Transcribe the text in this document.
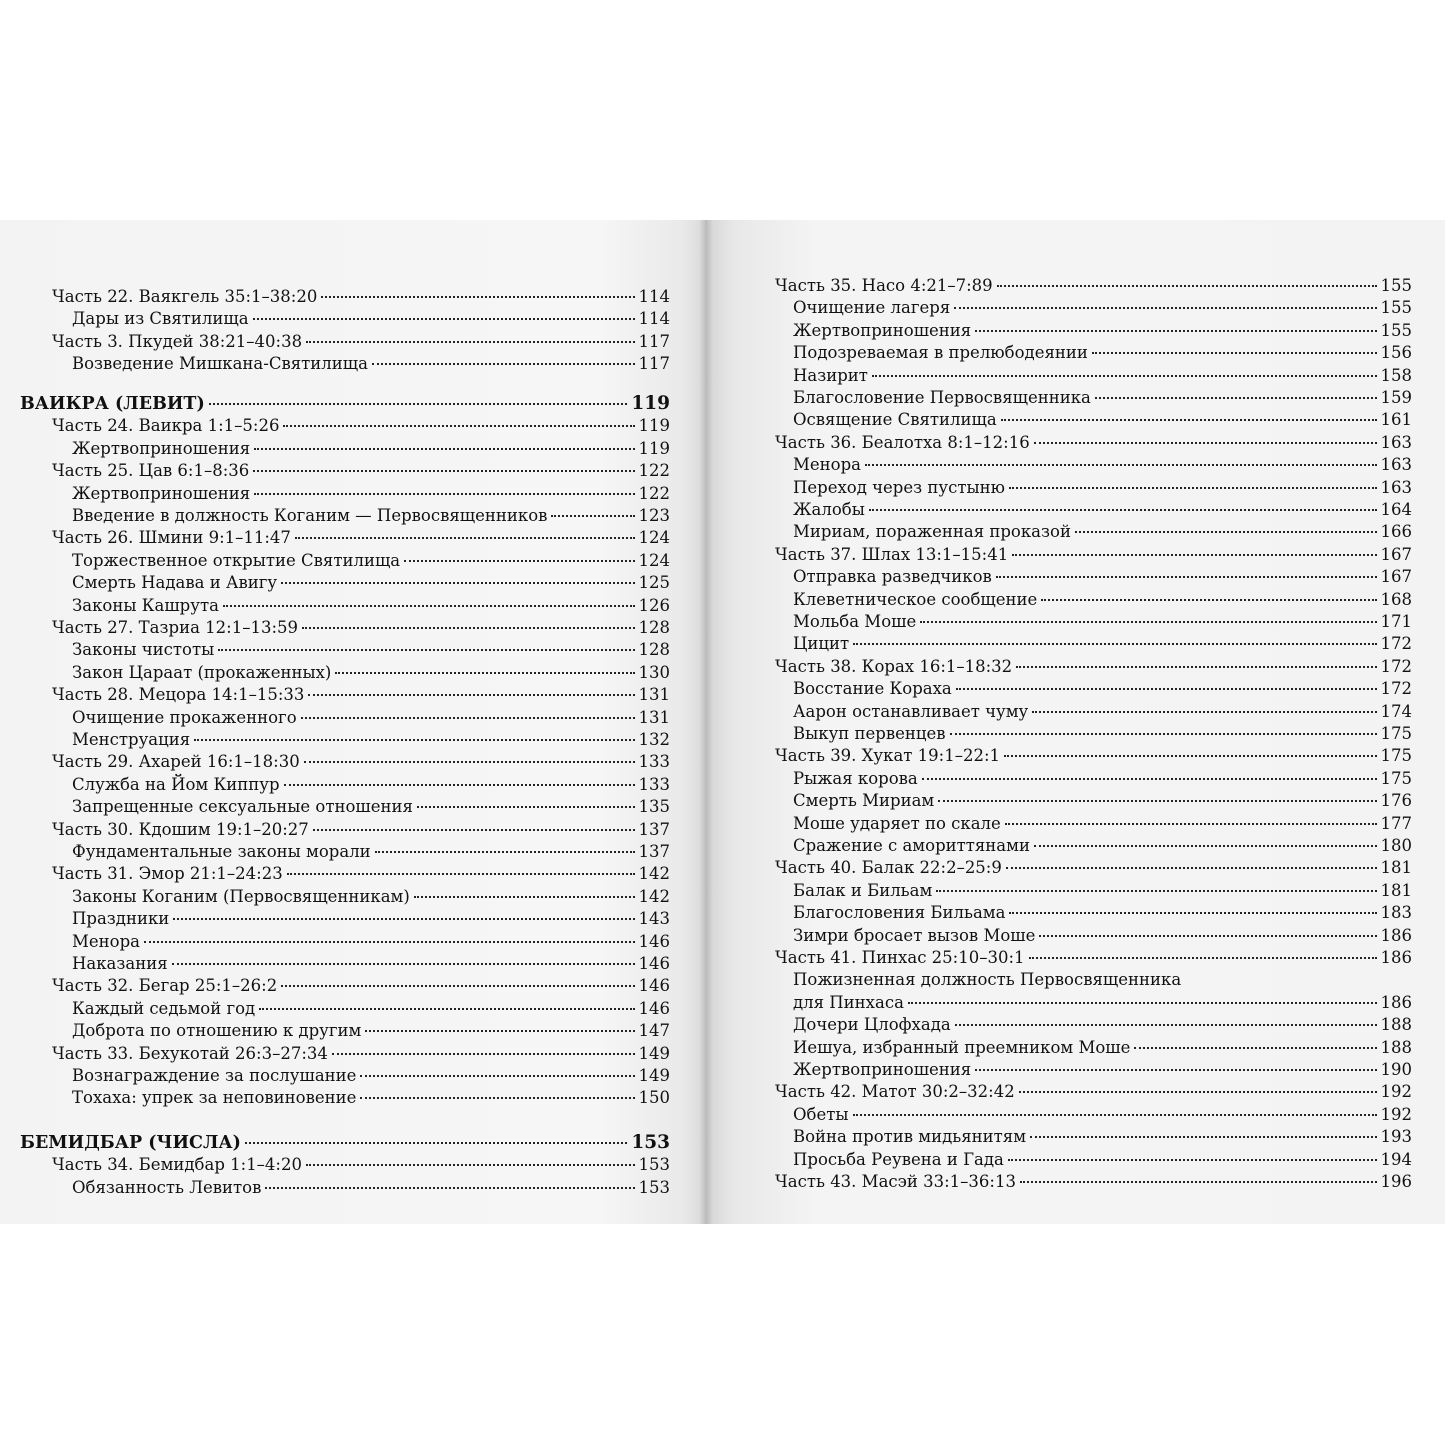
Часть 22. Ваякгель 35:1–38:20	114
Дары из Святилища	114
Часть 3. Пкудей 38:21–40:38	117
Возведение Мишкана-Святилища	117
ВАИКРА (ЛЕВИТ)	119
Часть 24. Ваикра 1:1–5:26	119
Жертвоприношения	119
Часть 25. Цав 6:1–8:36	122
Жертвоприношения	122
Введение в должность Коганим — Первосвященников	123
Часть 26. Шмини 9:1–11:47	124
Торжественное открытие Святилища	124
Смерть Надава и Авигу	125
Законы Кашрута	126
Часть 27. Тазриа 12:1–13:59	128
Законы чистоты	128
Закон Цараат (прокаженных)	130
Часть 28. Мецора 14:1–15:33	131
Очищение прокаженного	131
Менструация	132
Часть 29. Ахарей 16:1–18:30	133
Служба на Йом Киппур	133
Запрещенные сексуальные отношения	135
Часть 30. Кдошим 19:1–20:27	137
Фундаментальные законы морали	137
Часть 31. Эмор 21:1–24:23	142
Законы Коганим (Первосвященникам)	142
Праздники	143
Менора	146
Наказания	146
Часть 32. Бегар 25:1–26:2	146
Каждый седьмой год	146
Доброта по отношению к другим	147
Часть 33. Бехукотай 26:3–27:34	149
Вознаграждение за послушание	149
Тохаха: упрек за неповиновение	150
БЕМИДБАР (ЧИСЛА)	153
Часть 34. Бемидбар 1:1–4:20	153
Обязанность Левитов	153
Часть 35. Насо 4:21–7:89	155
Очищение лагеря	155
Жертвоприношения	155
Подозреваемая в прелюбодеянии	156
Назирит	158
Благословение Первосвященника	159
Освящение Святилища	161
Часть 36. Беалотха 8:1–12:16	163
Менора	163
Переход через пустыню	163
Жалобы	164
Мириам, пораженная проказой	166
Часть 37. Шлах 13:1–15:41	167
Отправка разведчиков	167
Клеветническое сообщение	168
Мольба Моше	171
Цицит	172
Часть 38. Корах 16:1–18:32	172
Восстание Кораха	172
Аарон останавливает чуму	174
Выкуп первенцев	175
Часть 39. Хукат 19:1–22:1	175
Рыжая корова	175
Смерть Мириам	176
Моше ударяет по скале	177
Сражение с амориттянами	180
Часть 40. Балак 22:2–25:9	181
Балак и Бильам	181
Благословения Бильама	183
Зимри бросает вызов Моше	186
Часть 41. Пинхас 25:10–30:1	186
Пожизненная должность Первосвященника
для Пинхаса	186
Дочери Цлофхада	188
Иешуа, избранный преемником Моше	188
Жертвоприношения	190
Часть 42. Матот 30:2–32:42	192
Обеты	192
Война против мидьянитям	193
Просьба Реувена и Гада	194
Часть 43. Масэй 33:1–36:13	196
